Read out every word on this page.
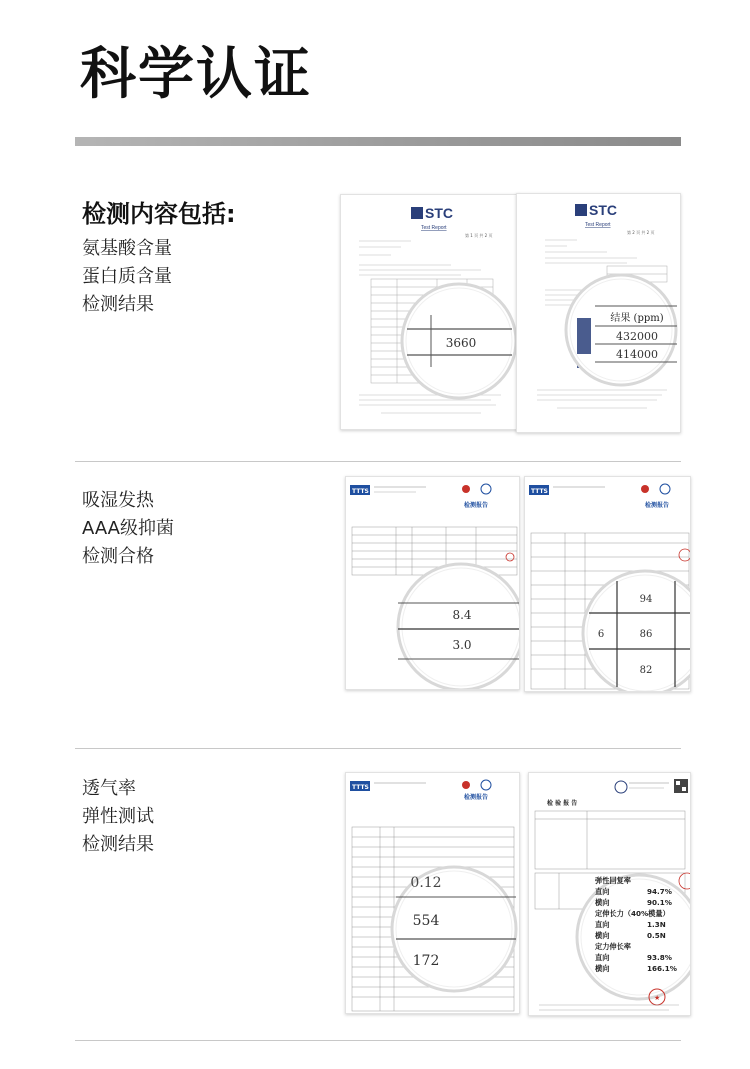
科学认证
检测内容包括:
氨基酸含量
蛋白质含量
检测结果
STC
Test Report
第 1 页 共 2 页
3660
STC
Test Report
第 2 页 共 2 页
结果 (ppm)
432000
414000
吸湿发热
AAA级抑菌
检测合格
TTTS
检测报告
8.4
3.0
TTTS
检测报告
6
94
86
82
透气率
弹性测试
检测结果
TTTS
检测报告
0.12
554
172
检 验 报 告
弹性回复率
直向	94.7%
横向	90.1%
定伸长力（40%模量）
直向	1.3N
横向	0.5N
定力伸长率
直向	93.8%
横向	166.1%
★
